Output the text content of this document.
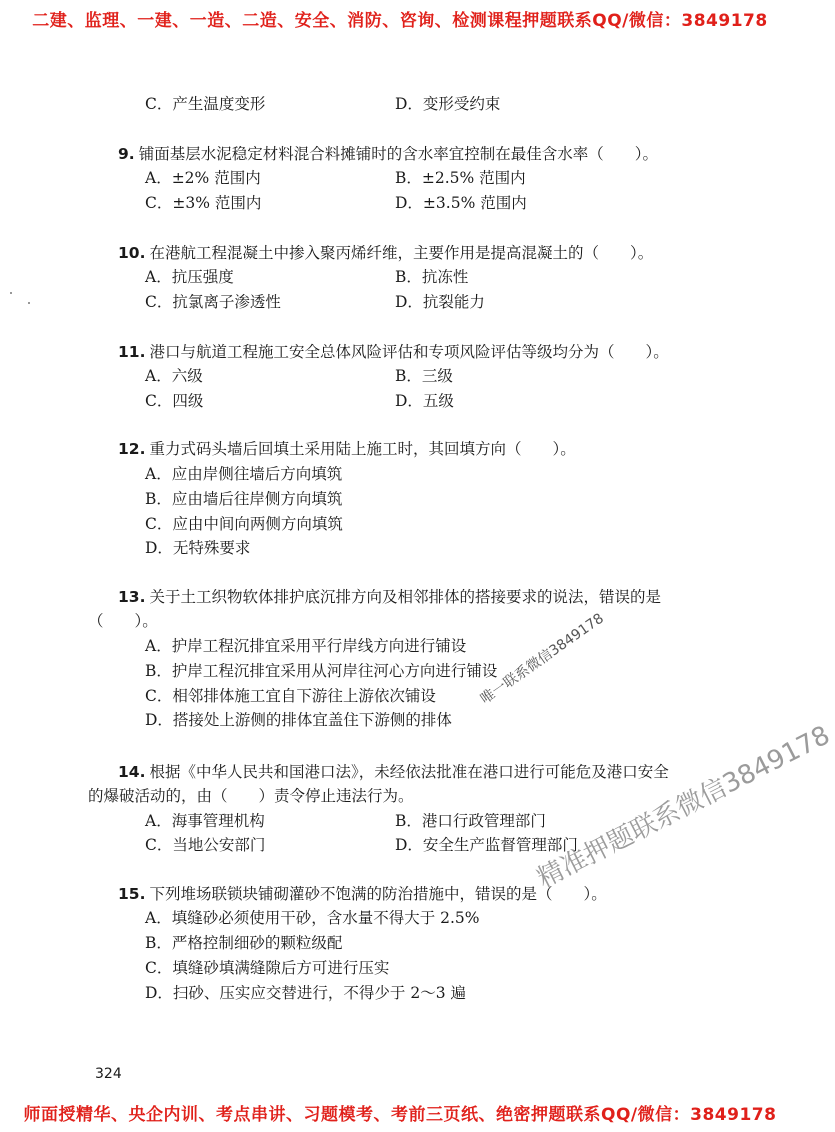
二建、监理、一建、一造、二造、安全、消防、咨询、检测课程押题联系QQ/微信：3849178
C．产生温度变形	D．变形受约束
9. 铺面基层水泥稳定材料混合料摊铺时的含水率宜控制在最佳含水率（　　）。
A．±2% 范围内	B．±2.5% 范围内
C．±3% 范围内	D．±3.5% 范围内
10. 在港航工程混凝土中掺入聚丙烯纤维，主要作用是提高混凝土的（　　）。
A．抗压强度	B．抗冻性
C．抗氯离子渗透性	D．抗裂能力
11. 港口与航道工程施工安全总体风险评估和专项风险评估等级均分为（　　）。
A．六级	B．三级
C．四级	D．五级
12. 重力式码头墙后回填土采用陆上施工时，其回填方向（　　）。
A．应由岸侧往墙后方向填筑
B．应由墙后往岸侧方向填筑
C．应由中间向两侧方向填筑
D．无特殊要求
13. 关于土工织物软体排护底沉排方向及相邻排体的搭接要求的说法，错误的是
（　　）。
A．护岸工程沉排宜采用平行岸线方向进行铺设
B．护岸工程沉排宜采用从河岸往河心方向进行铺设
C．相邻排体施工宜自下游往上游依次铺设
D．搭接处上游侧的排体宜盖住下游侧的排体
14. 根据《中华人民共和国港口法》，未经依法批准在港口进行可能危及港口安全
的爆破活动的，由（　　）责令停止违法行为。
A．海事管理机构	B．港口行政管理部门
C．当地公安部门	D．安全生产监督管理部门
15. 下列堆场联锁块铺砌灌砂不饱满的防治措施中，错误的是（　　）。
A．填缝砂必须使用干砂，含水量不得大于 2.5%
B．严格控制细砂的颗粒级配
C．填缝砂填满缝隙后方可进行压实
D．扫砂、压实应交替进行，不得少于 2～3 遍
324
唯一联系微信3849178
精准押题联系微信3849178
师面授精华、央企内训、考点串讲、习题模考、考前三页纸、绝密押题联系QQ/微信：3849178
